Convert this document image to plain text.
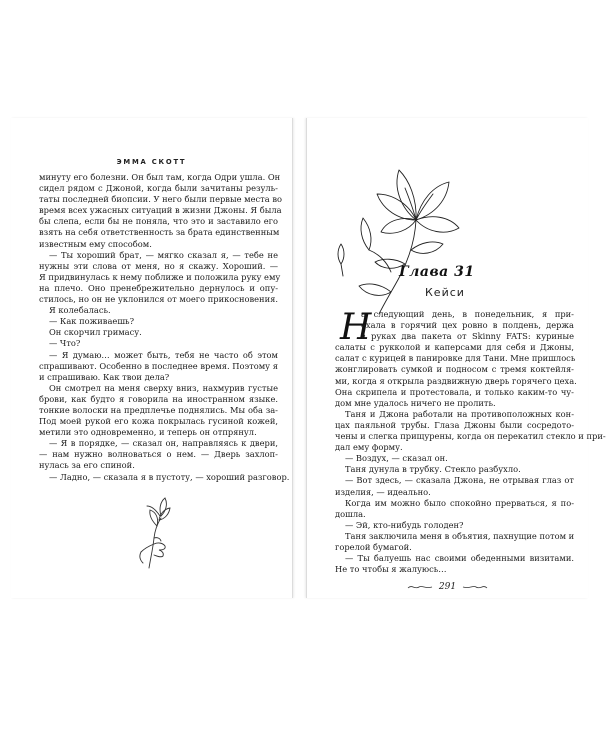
ЭММА СКОТТ
минуту его болезни. Он был там, когда Одри ушла. Он
сидел рядом с Джоной, когда были зачитаны резуль-
таты последней биопсии. У него были первые места во
время всех ужасных ситуаций в жизни Джоны. Я была
бы слепа, если бы не поняла, что это и заставило его
взять на себя ответственность за брата единственным
известным ему способом.
— Ты хороший брат, — мягко сказал я, — тебе не
нужны эти слова от меня, но я скажу. Хороший. —
Я придвинулась к нему поближе и положила руку ему
на плечо. Оно пренебрежительно дернулось и опу-
стилось, но он не уклонился от моего прикосновения.
Я колебалась.
— Как поживаешь?
Он скорчил гримасу.
— Что?
— Я думаю… может быть, тебя не часто об этом
спрашивают. Особенно в последнее время. Поэтому я
и спрашиваю. Как твои дела?
Он смотрел на меня сверху вниз, нахмурив густые
брови, как будто я говорила на иностранном языке.
тонкие волоски на предплечье поднялись. Мы оба за-
Под моей рукой его кожа покрылась гусиной кожей,
метили это одновременно, и теперь он отпрянул.
— Я в порядке, — сказал он, направляясь к двери,
— нам нужно волноваться о нем. — Дверь захлоп-
нулась за его спиной.
— Ладно, — сказала я в пустоту, — хороший разговор.
Глава 31
Кейси
Н
а следующий день, в понедельник, я при-
ехала в горячий цех ровно в полдень, держа
в руках два пакета от Skinny FATS: куриные
салаты с рукколой и каперсами для себя и Джоны,
салат с курицей в панировке для Тани. Мне пришлось
жонглировать сумкой и подносом с тремя коктейля-
ми, когда я открыла раздвижную дверь горячего цеха.
Она скрипела и протестовала, и только каким-то чу-
дом мне удалось ничего не пролить.
Таня и Джона работали на противоположных кон-
цах паяльной трубы. Глаза Джоны были сосредото-
чены и слегка прищурены, когда он перекатил стекло и при-
дал ему форму.
— Воздух, — сказал он.
Таня дунула в трубку. Стекло разбухло.
— Вот здесь, — сказала Джона, не отрывая глаз от
изделия, — идеально.
Когда им можно было спокойно прерваться, я по-
дошла.
— Эй, кто-нибудь голоден?
Таня заключила меня в объятия, пахнущие потом и
горелой бумагой.
— Ты балуешь нас своими обеденными визитами.
Не то чтобы я жалуюсь…
291
